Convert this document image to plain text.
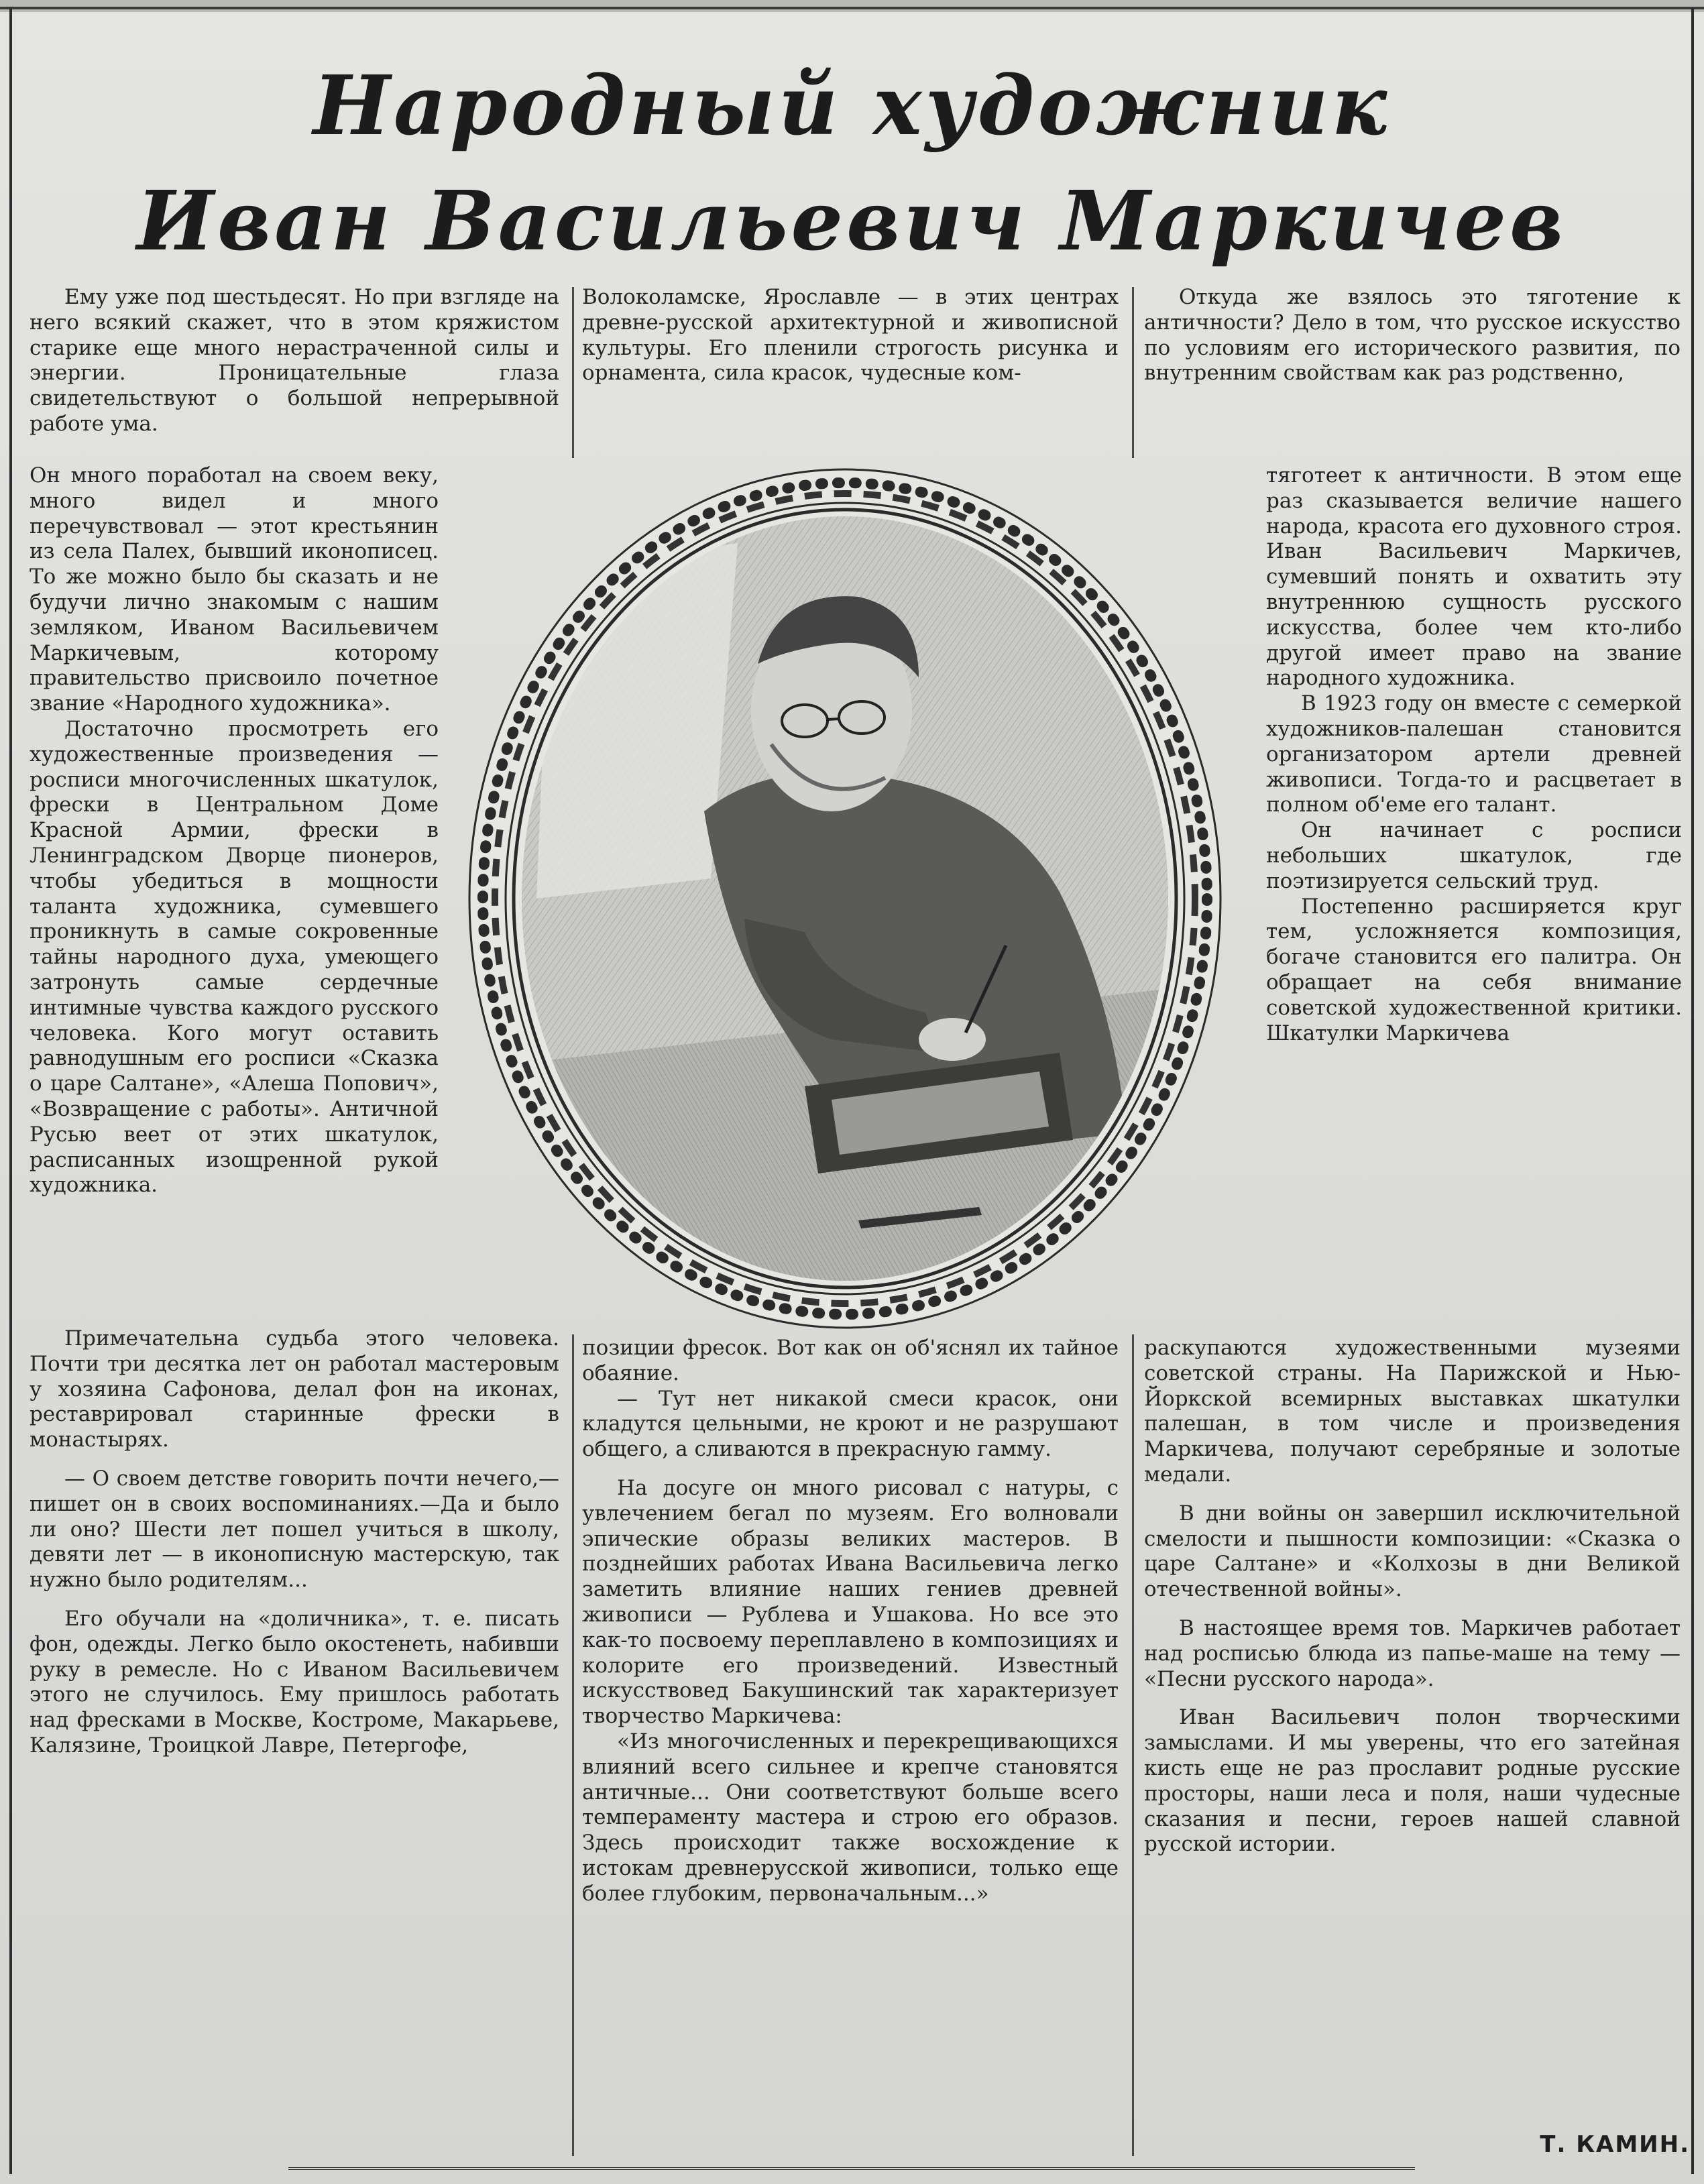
Народный художник
Иван Васильевич Маркичев

Ему уже под шестьдесят. Но при взгляде на него всякий скажет, что в этом кряжистом старике еще много нерастраченной силы и энергии. Проницательные глаза свидетельствуют о большой непрерывной работе ума.

Он много поработал на своем веку, много видел и много перечувствовал — этот крестьянин из села Палех, бывший иконописец. То же можно было бы сказать и не будучи лично знакомым с нашим земляком, Иваном Васильевичем Маркичевым, которому правительство присвоило почетное звание «Народного художника».

Достаточно просмотреть его художественные произведения — росписи многочисленных шкатулок, фрески в Центральном Доме Красной Армии, фрески в Ленинградском Дворце пионеров, чтобы убедиться в мощности таланта художника, сумевшего проникнуть в самые сокровенные тайны народного духа, умеющего затронуть самые сердечные интимные чувства каждого русского человека. Кого могут оставить равнодушным его росписи «Сказка о царе Салтане», «Алеша Попович», «Возвращение с работы». Античной Русью веет от этих шкатулок, расписанных изощренной рукой художника.

Примечательна судьба этого человека. Почти три десятка лет он работал мастеровым у хозяина Сафонова, делал фон на иконах, реставрировал старинные фрески в монастырях.

— О своем детстве говорить почти нечего,—пишет он в своих воспоминаниях.—Да и было ли оно? Шести лет пошел учиться в школу, девяти лет — в иконописную мастерскую, так нужно было родителям...

Его обучали на «доличника», т. е. писать фон, одежды. Легко было окостенеть, набивши руку в ремесле. Но с Иваном Васильевичем этого не случилось. Ему пришлось работать над фресками в Москве, Костроме, Макарьеве, Калязине, Троицкой Лавре, Петергофе,

Волоколамске, Ярославле — в этих центрах древне-русской архитектурной и живописной культуры. Его пленили строгость рисунка и орнамента, сила красок, чудесные ком-

позиции фресок. Вот как он об'яснял их тайное обаяние.

— Тут нет никакой смеси красок, они кладутся цельными, не кроют и не разрушают общего, а сливаются в прекрасную гамму.

На досуге он много рисовал с натуры, с увлечением бегал по музеям. Его волновали эпические образы великих мастеров. В позднейших работах Ивана Васильевича легко заметить влияние наших гениев древней живописи — Рублева и Ушакова. Но все это как-то посвоему переплавлено в композициях и колорите его произведений. Известный искусствовед Бакушинский так характеризует творчество Маркичева:

«Из многочисленных и перекрещивающихся влияний всего сильнее и крепче становятся античные... Они соответствуют больше всего темпераменту мастера и строю его образов. Здесь происходит также восхождение к истокам древнерусской живописи, только еще более глубоким, первоначальным...»

Откуда же взялось это тяготение к античности? Дело в том, что русское искусство по условиям его исторического развития, по внутренним свойствам как раз родственно,

тяготеет к античности. В этом еще раз сказывается величие нашего народа, красота его духовного строя. Иван Васильевич Маркичев, сумевший понять и охватить эту внутреннюю сущность русского искусства, более чем кто-либо другой имеет право на звание народного художника.

В 1923 году он вместе с семеркой художников-палешан становится организатором артели древней живописи. Тогда-то и расцветает в полном об'еме его талант.

Он начинает с росписи небольших шкатулок, где поэтизируется сельский труд.

Постепенно расширяется круг тем, усложняется композиция, богаче становится его палитра. Он обращает на себя внимание советской художественной критики. Шкатулки Маркичева

раскупаются художественными музеями советской страны. На Парижской и Нью-Йоркской всемирных выставках шкатулки палешан, в том числе и произведения Маркичева, получают серебряные и золотые медали.

В дни войны он завершил исключительной смелости и пышности композиции: «Сказка о царе Салтане» и «Колхозы в дни Великой отечественной войны».

В настоящее время тов. Маркичев работает над росписью блюда из папье-маше на тему — «Песни русского народа».

Иван Васильевич полон творческими замыслами. И мы уверены, что его затейная кисть еще не раз прославит родные русские просторы, наши леса и поля, наши чудесные сказания и песни, героев нашей славной русской истории.

Т. КАМИН.
